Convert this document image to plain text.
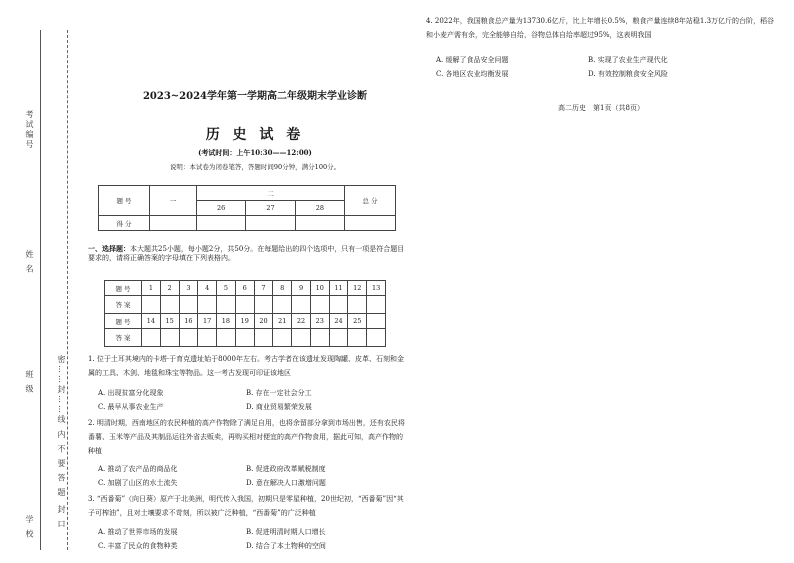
考试编号
姓 名
班 级
学 校
密……封……线
内 不 要 答 题
封 口
2023~2024学年第一学期高二年级期末学业诊断
历 史 试 卷
(考试时间：上午10:30——12:00)
说明：本试卷为闭卷笔答，答题时间90分钟，满分100分。
题 号	一	二			总 分
		26	27	28	
得 分					
一、选择题：本大题共25小题，每小题2分，共50分。在每题给出的四个选项中，只有一项是符合题目要求的，请将正确答案的字母填在下列表格内。
题 号	1	2	3	4	5	6	7	8	9	10	11	12	13
答 案													
题 号	14	15	16	17	18	19	20	21	22	23	24	25	
答 案													
1. 位于土耳其境内的卡塔·于育克遗址始于8000年左右。考古学者在该遗址发现陶罐、皮革、石刻和金属的工具、木剑、地毯和珠宝等物品。这一考古发现可印证该地区
A. 出现贫富分化现象	B. 存在一定社会分工
C. 最早从事农业生产	D. 商业贸易繁荣发展
2. 明清时期，西南地区的农民种植的高产作物除了满足自用，也将余留部分拿到市场出售，还有农民将番薯、玉米等产品及其制品运往外省去贩卖，再购买相对便宜的高产作物食用，据此可知，高产作物的种植
A. 推动了农产品的商品化	B. 促进政府改革赋税制度
C. 加剧了山区的水土流失	D. 意在解决人口激增问题
3. “西番菊”（向日葵）原产于北美洲，明代传入我国，初期只是零星种植，20世纪初，“西番菊”因“其子可榨油”，且对土壤要求不苛刻，所以被广泛种植，“西番菊”的广泛种植
A. 推动了世界市场的发展	B. 促进明清时期人口增长
C. 丰富了民众的食物种类	D. 结合了本土物种的空间
4. 2022年，我国粮食总产量为13730.6亿斤，比上年增长0.5%，粮食产量连续8年站稳1.3万亿斤的台阶，稻谷和小麦产需有余，完全能够自给，谷物总体自给率超过95%，这表明我国
A. 缓解了食品安全问题	B. 实现了农业生产现代化
C. 各地区农业均衡发展	D. 有效控制粮食安全风险
高二历史　第1页（共8页）
